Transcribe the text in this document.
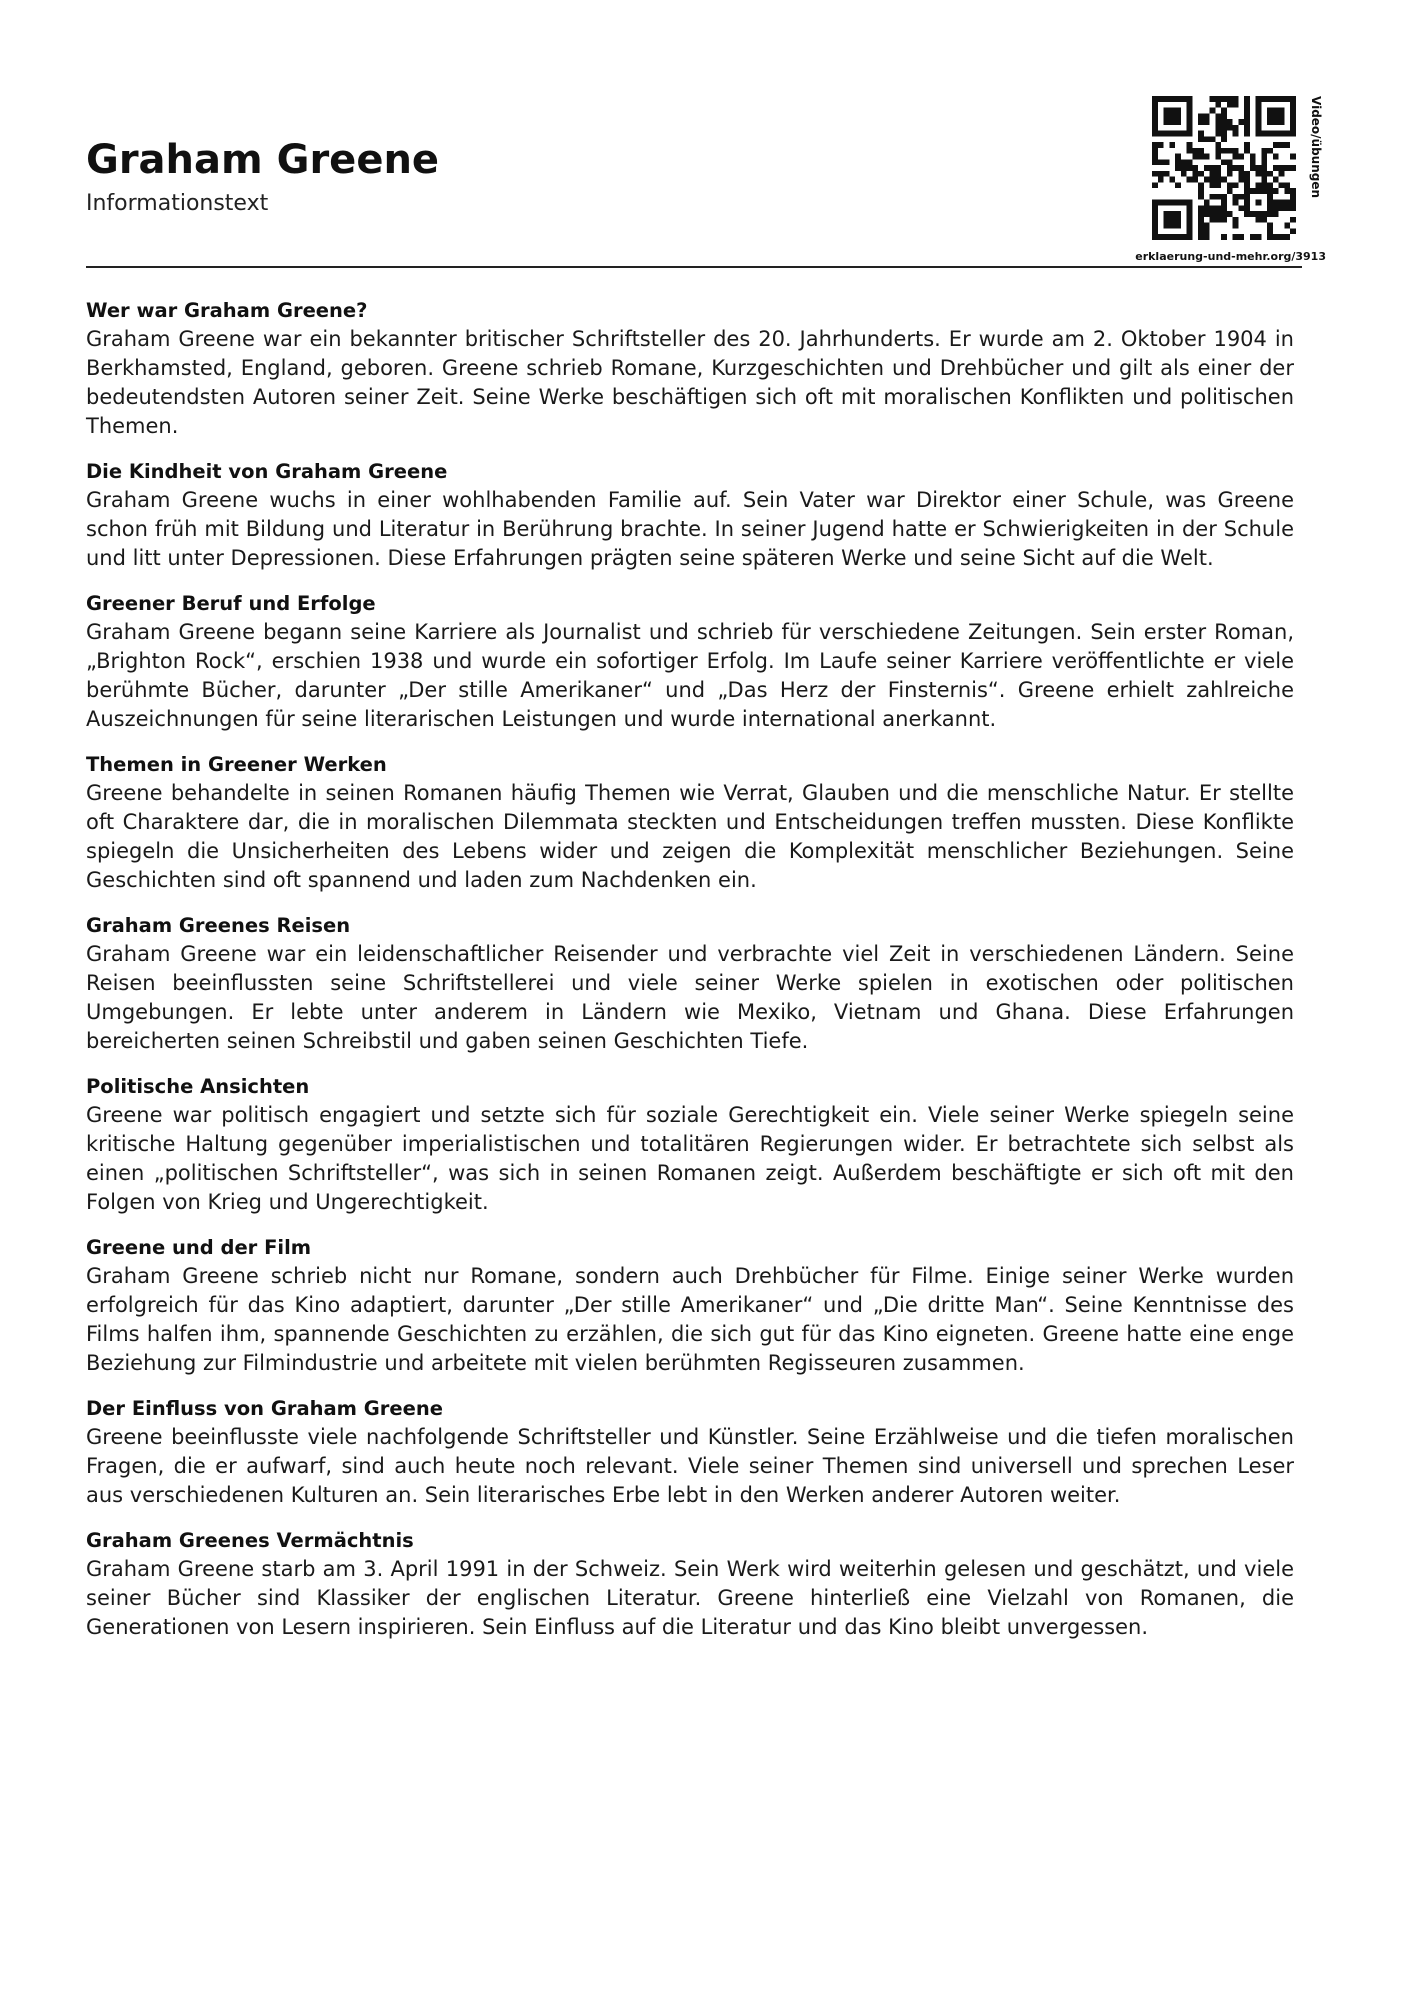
Graham Greene
Informationstext
Video/übungen
erklaerung-und-mehr.org/3913
Wer war Graham Greene?

Graham Greene war ein bekannter britischer Schriftsteller des 20. Jahrhunderts. Er wurde am 2. Oktober 1904 in Berkhamsted, England, geboren. Greene schrieb Romane, Kurzgeschichten und Drehbücher und gilt als einer der bedeutendsten Autoren seiner Zeit. Seine Werke beschäftigen sich oft mit moralischen Konflikten und politischen Themen.

Die Kindheit von Graham Greene

Graham Greene wuchs in einer wohlhabenden Familie auf. Sein Vater war Direktor einer Schule, was Greene schon früh mit Bildung und Literatur in Berührung brachte. In seiner Jugend hatte er Schwierigkeiten in der Schule und litt unter Depressionen. Diese Erfahrungen prägten seine späteren Werke und seine Sicht auf die Welt.

Greener Beruf und Erfolge

Graham Greene begann seine Karriere als Journalist und schrieb für verschiedene Zeitungen. Sein erster Roman, „Brighton Rock“, erschien 1938 und wurde ein sofortiger Erfolg. Im Laufe seiner Karriere veröffentlichte er viele berühmte Bücher, darunter „Der stille Amerikaner“ und „Das Herz der Finsternis“. Greene erhielt zahlreiche Auszeichnungen für seine literarischen Leistungen und wurde international anerkannt.

Themen in Greener Werken

Greene behandelte in seinen Romanen häufig Themen wie Verrat, Glauben und die menschliche Natur. Er stellte oft Charaktere dar, die in moralischen Dilemmata steckten und Entscheidungen treffen mussten. Diese Konflikte spiegeln die Unsicherheiten des Lebens wider und zeigen die Komplexität menschlicher Beziehungen. Seine Geschichten sind oft spannend und laden zum Nachdenken ein.

Graham Greenes Reisen

Graham Greene war ein leidenschaftlicher Reisender und verbrachte viel Zeit in verschiedenen Ländern. Seine Reisen beeinflussten seine Schriftstellerei und viele seiner Werke spielen in exotischen oder politischen Umgebungen. Er lebte unter anderem in Ländern wie Mexiko, Vietnam und Ghana. Diese Erfahrungen bereicherten seinen Schreibstil und gaben seinen Geschichten Tiefe.

Politische Ansichten

Greene war politisch engagiert und setzte sich für soziale Gerechtigkeit ein. Viele seiner Werke spiegeln seine kritische Haltung gegenüber imperialistischen und totalitären Regierungen wider. Er betrachtete sich selbst als einen „politischen Schriftsteller“, was sich in seinen Romanen zeigt. Außerdem beschäftigte er sich oft mit den Folgen von Krieg und Ungerechtigkeit.

Greene und der Film

Graham Greene schrieb nicht nur Romane, sondern auch Drehbücher für Filme. Einige seiner Werke wurden erfolgreich für das Kino adaptiert, darunter „Der stille Amerikaner“ und „Die dritte Man“. Seine Kenntnisse des Films halfen ihm, spannende Geschichten zu erzählen, die sich gut für das Kino eigneten. Greene hatte eine enge Beziehung zur Filmindustrie und arbeitete mit vielen berühmten Regisseuren zusammen.

Der Einfluss von Graham Greene

Greene beeinflusste viele nachfolgende Schriftsteller und Künstler. Seine Erzählweise und die tiefen moralischen Fragen, die er aufwarf, sind auch heute noch relevant. Viele seiner Themen sind universell und sprechen Leser aus verschiedenen Kulturen an. Sein literarisches Erbe lebt in den Werken anderer Autoren weiter.

Graham Greenes Vermächtnis

Graham Greene starb am 3. April 1991 in der Schweiz. Sein Werk wird weiterhin gelesen und geschätzt, und viele seiner Bücher sind Klassiker der englischen Literatur. Greene hinterließ eine Vielzahl von Romanen, die Generationen von Lesern inspirieren. Sein Einfluss auf die Literatur und das Kino bleibt unvergessen.
